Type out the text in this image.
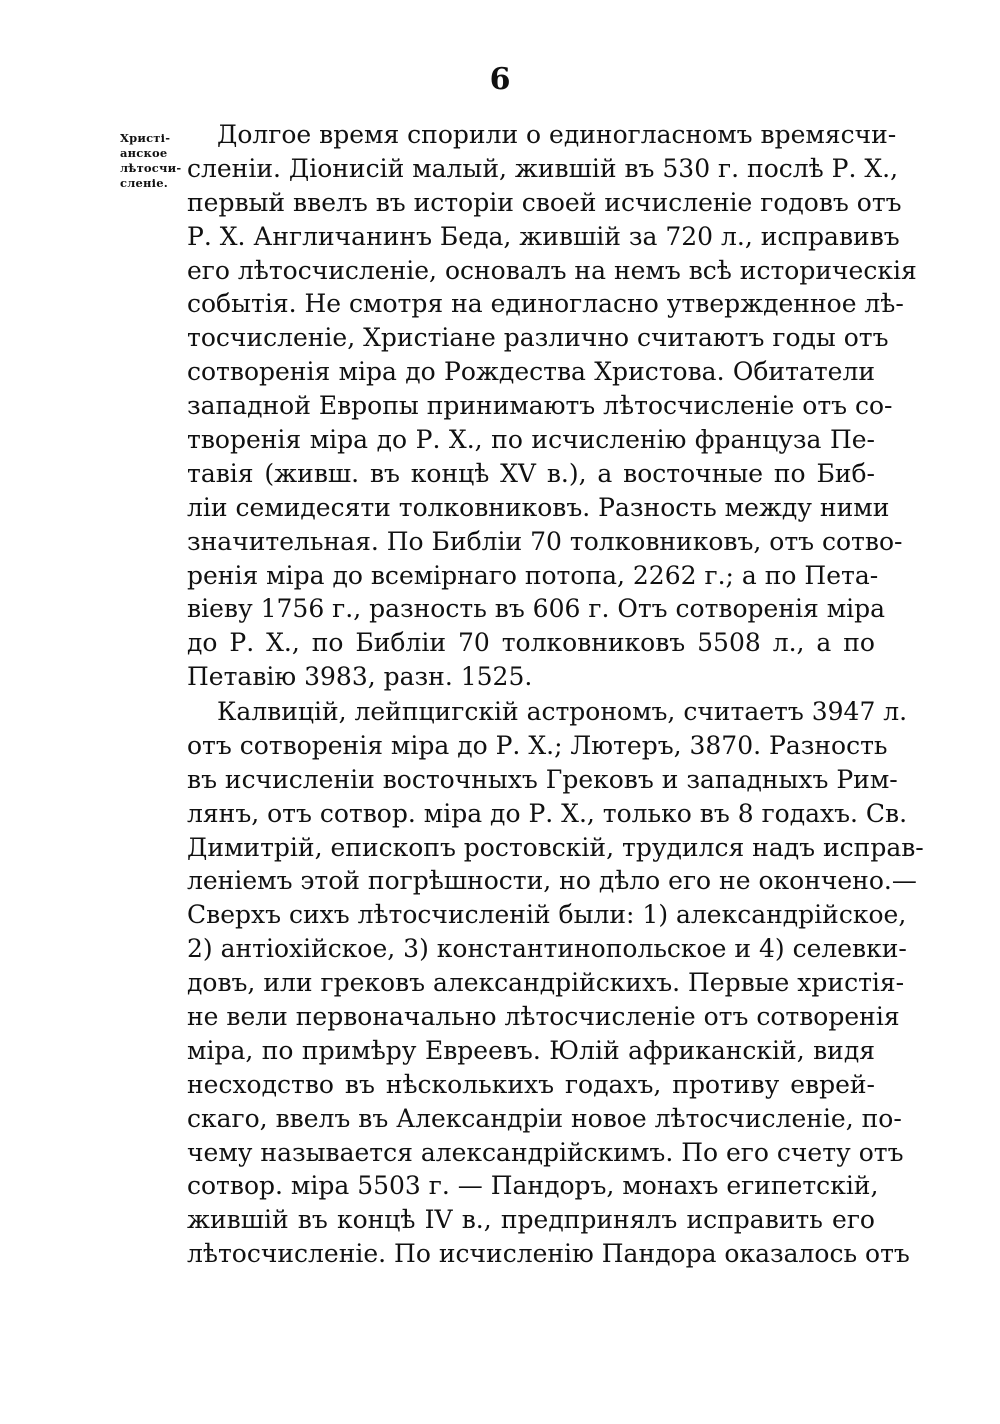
6
Христі-
анское
лѣтосчи-
сленіе.
Долгое время спорили о единогласномъ времясчи-
сленіи. Діонисій малый, жившій въ 530 г. послѣ Р. Х.,
первый ввелъ въ исторіи своей исчисленіе годовъ отъ
Р. Х. Англичанинъ Беда, жившій за 720 л., исправивъ
его лѣтосчисленіе, основалъ на немъ всѣ историческія
событія. Не смотря на единогласно утвержденное лѣ-
тосчисленіе, Христіане различно считаютъ годы отъ
сотворенія міра до Рождества Христова. Обитатели
западной Европы принимаютъ лѣтосчисленіе отъ со-
творенія міра до Р. Х., по исчисленію француза Пе-
тавія (живш. въ концѣ XV в.), а восточные по Биб-
ліи семидесяти толковниковъ. Разность между ними
значительная. По Библіи 70 толковниковъ, отъ сотво-
ренія міра до всемірнаго потопа, 2262 г.; а по Пета-
віеву 1756 г., разность въ 606 г. Отъ сотворенія міра
до Р. Х., по Библіи 70 толковниковъ 5508 л., а по
Петавію 3983, разн. 1525.
Калвицій, лейпцигскій астрономъ, считаетъ 3947 л.
отъ сотворенія міра до Р. Х.; Лютеръ, 3870. Разность
въ исчисленіи восточныхъ Грековъ и западныхъ Рим-
лянъ, отъ сотвор. міра до Р. Х., только въ 8 годахъ. Св.
Димитрій, епископъ ростовскій, трудился надъ исправ-
леніемъ этой погрѣшности, но дѣло его не окончено.—
Сверхъ сихъ лѣтосчисленій были: 1) александрійское,
2) антіохійское, 3) константинопольское и 4) селевки-
довъ, или грековъ александрійскихъ. Первые христія-
не вели первоначально лѣтосчисленіе отъ сотворенія
міра, по примѣру Евреевъ. Юлій африканскій, видя
несходство въ нѣсколькихъ годахъ, противу еврей-
скаго, ввелъ въ Александріи новое лѣтосчисленіе, по-
чему называется александрійскимъ. По его счету отъ
сотвор. міра 5503 г. — Пандоръ, монахъ египетскій,
жившій въ концѣ IV в., предпринялъ исправить его
лѣтосчисленіе. По исчисленію Пандора оказалось отъ
